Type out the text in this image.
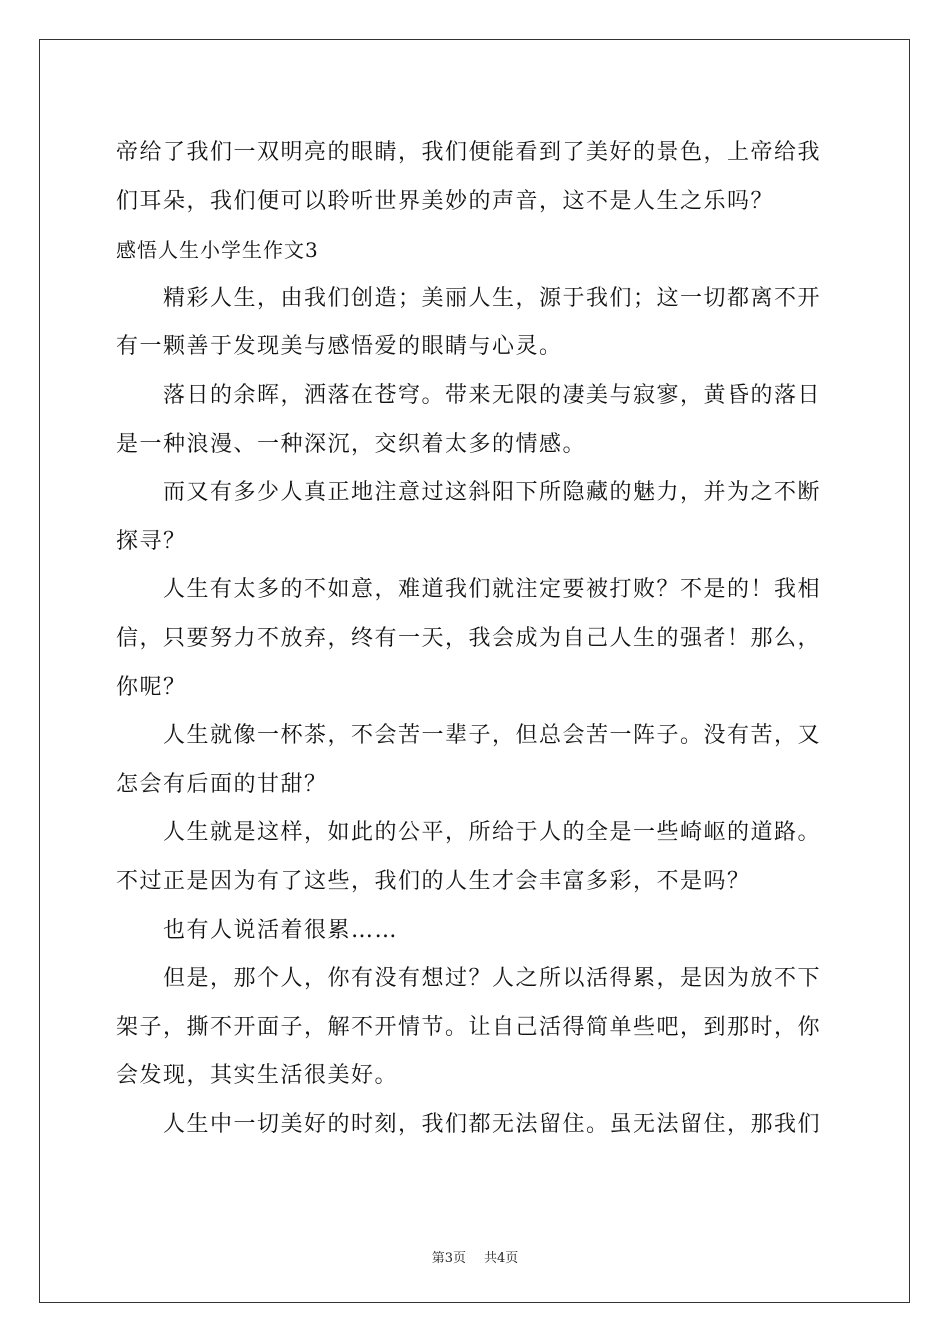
帝给了我们一双明亮的眼睛，我们便能看到了美好的景色，上帝给我
们耳朵，我们便可以聆听世界美妙的声音，这不是人生之乐吗？
感悟人生小学生作文3
　　精彩人生，由我们创造；美丽人生，源于我们；这一切都离不开
有一颗善于发现美与感悟爱的眼睛与心灵。
　　落日的余晖，洒落在苍穹。带来无限的凄美与寂寥，黄昏的落日
是一种浪漫、一种深沉，交织着太多的情感。
　　而又有多少人真正地注意过这斜阳下所隐藏的魅力，并为之不断
探寻？
　　人生有太多的不如意，难道我们就注定要被打败？不是的！我相
信，只要努力不放弃，终有一天，我会成为自己人生的强者！那么，
你呢？
　　人生就像一杯茶，不会苦一辈子，但总会苦一阵子。没有苦，又
怎会有后面的甘甜？
　　人生就是这样，如此的公平，所给于人的全是一些崎岖的道路。
不过正是因为有了这些，我们的人生才会丰富多彩，不是吗？
　　也有人说活着很累……
　　但是，那个人，你有没有想过？人之所以活得累，是因为放不下
架子，撕不开面子，解不开情节。让自己活得简单些吧，到那时，你
会发现，其实生活很美好。
　　人生中一切美好的时刻，我们都无法留住。虽无法留住，那我们
第3页 共4页
